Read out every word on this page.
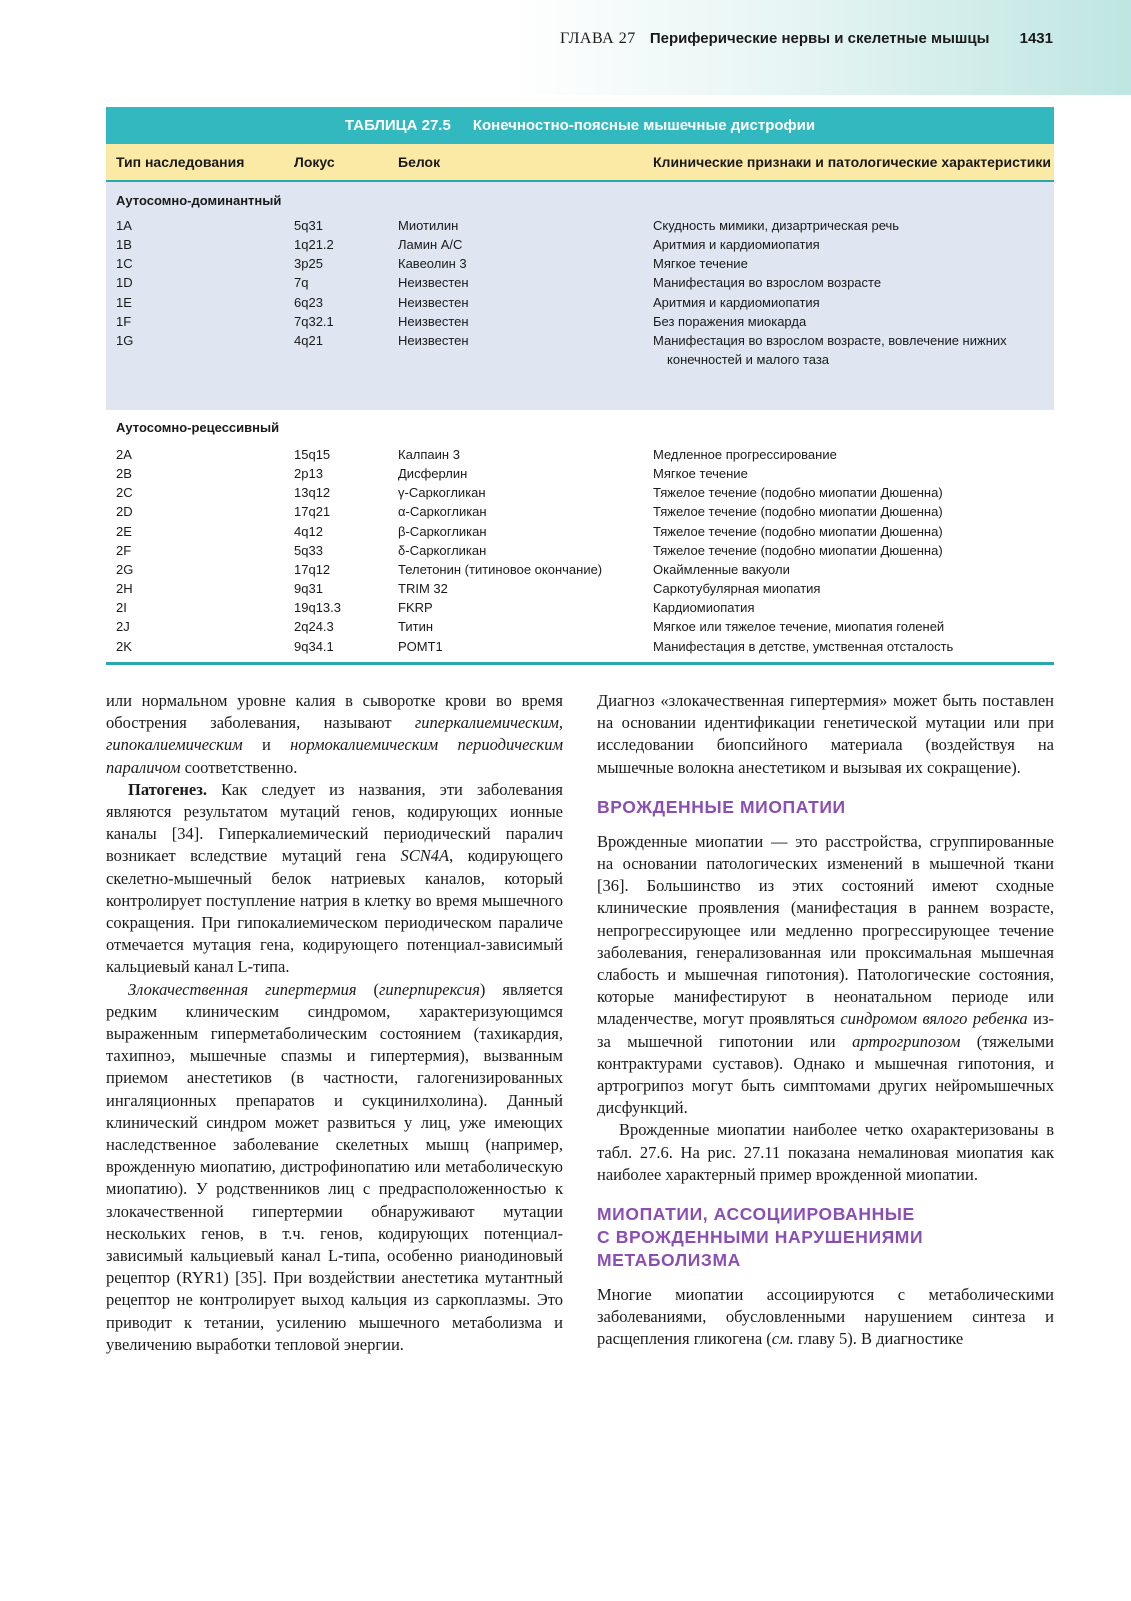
ГЛАВА 27 Периферические нервы и скелетные мышцы 1431
ТАБЛИЦА 27.5 Конечностно-поясные мышечные дистрофии
Тип наследования	Локус	Белок	Клинические признаки и патологические характеристики
Аутосомно-доминантный
1A	5q31	Миотилин	Скудность мимики, дизартрическая речь
1B	1q21.2	Ламин A/C	Аритмия и кардиомиопатия
1C	3p25	Кавеолин 3	Мягкое течение
1D	7q	Неизвестен	Манифестация во взрослом возрасте
1E	6q23	Неизвестен	Аритмия и кардиомиопатия
1F	7q32.1	Неизвестен	Без поражения миокарда
1G	4q21	Неизвестен	Манифестация во взрослом возрасте, вовлечение нижних
конечностей и малого таза
Аутосомно-рецессивный
2A	15q15	Калпаин 3	Медленное прогрессирование
2B	2p13	Дисферлин	Мягкое течение
2C	13q12	γ-Саркогликан	Тяжелое течение (подобно миопатии Дюшенна)
2D	17q21	α-Саркогликан	Тяжелое течение (подобно миопатии Дюшенна)
2E	4q12	β-Саркогликан	Тяжелое течение (подобно миопатии Дюшенна)
2F	5q33	δ-Саркогликан	Тяжелое течение (подобно миопатии Дюшенна)
2G	17q12	Телетонин (титиновое окончание)	Окаймленные вакуоли
2H	9q31	TRIM 32	Саркотубулярная миопатия
2I	19q13.3	FKRP	Кардиомиопатия
2J	2q24.3	Титин	Мягкое или тяжелое течение, миопатия голеней
2K	9q34.1	POMT1	Манифестация в детстве, умственная отсталость

или нормальном уровне калия в сыворотке крови во время обострения заболевания, называют гиперкалиемическим, гипокалиемическим и нормокалиемическим периодическим параличом соответственно.

Патогенез. Как следует из названия, эти заболевания являются результатом мутаций генов, кодирующих ионные каналы [34]. Гиперкалиемический периодический паралич возникает вследствие мутаций гена SCN4A, кодирующего скелетно-мышечный белок натриевых каналов, который контролирует поступление натрия в клетку во время мышечного сокращения. При гипокалиемическом периодическом параличе отмечается мутация гена, кодирующего потенциал-зависимый кальциевый канал L-типа.

Злокачественная гипертермия (гиперпирексия) является редким клиническим синдромом, характеризующимся выраженным гиперметаболическим состоянием (тахикардия, тахипноэ, мышечные спазмы и гипертермия), вызванным приемом анестетиков (в частности, галогенизированных ингаляционных препаратов и сукцинилхолина). Данный клинический синдром может развиться у лиц, уже имеющих наследственное заболевание скелетных мышц (например, врожденную миопатию, дистрофинопатию или метаболическую миопатию). У родственников лиц с предрасположенностью к злокачественной гипертермии обнаруживают мутации нескольких генов, в т.ч. генов, кодирующих потенциал-зависимый кальциевый канал L-типа, особенно рианодиновый рецептор (RYR1) [35]. При воздействии анестетика мутантный рецептор не контролирует выход кальция из саркоплазмы. Это приводит к тетании, усилению мышечного метаболизма и увеличению выработки тепловой энергии.

Диагноз «злокачественная гипертермия» может быть поставлен на основании идентификации генетической мутации или при исследовании биопсийного материала (воздействуя на мышечные волокна анестетиком и вызывая их сокращение).

ВРОЖДЕННЫЕ МИОПАТИИ

Врожденные миопатии — это расстройства, сгруппированные на основании патологических изменений в мышечной ткани [36]. Большинство из этих состояний имеют сходные клинические проявления (манифестация в раннем возрасте, непрогрессирующее или медленно прогрессирующее течение заболевания, генерализованная или проксимальная мышечная слабость и мышечная гипотония). Патологические состояния, которые манифестируют в неонатальном периоде или младенчестве, могут проявляться синдромом вялого ребенка из-за мышечной гипотонии или артрогрипозом (тяжелыми контрактурами суставов). Однако и мышечная гипотония, и артрогрипоз могут быть симптомами других нейромышечных дисфункций.

Врожденные миопатии наиболее четко охарактеризованы в табл. 27.6. На рис. 27.11 показана немалиновая миопатия как наиболее характерный пример врожденной миопатии.

МИОПАТИИ, АССОЦИИРОВАННЫЕ
С ВРОЖДЕННЫМИ НАРУШЕНИЯМИ
МЕТАБОЛИЗМА

Многие миопатии ассоциируются с метаболическими заболеваниями, обусловленными нарушением синтеза и расщепления гликогена (см. главу 5). В диагностике
